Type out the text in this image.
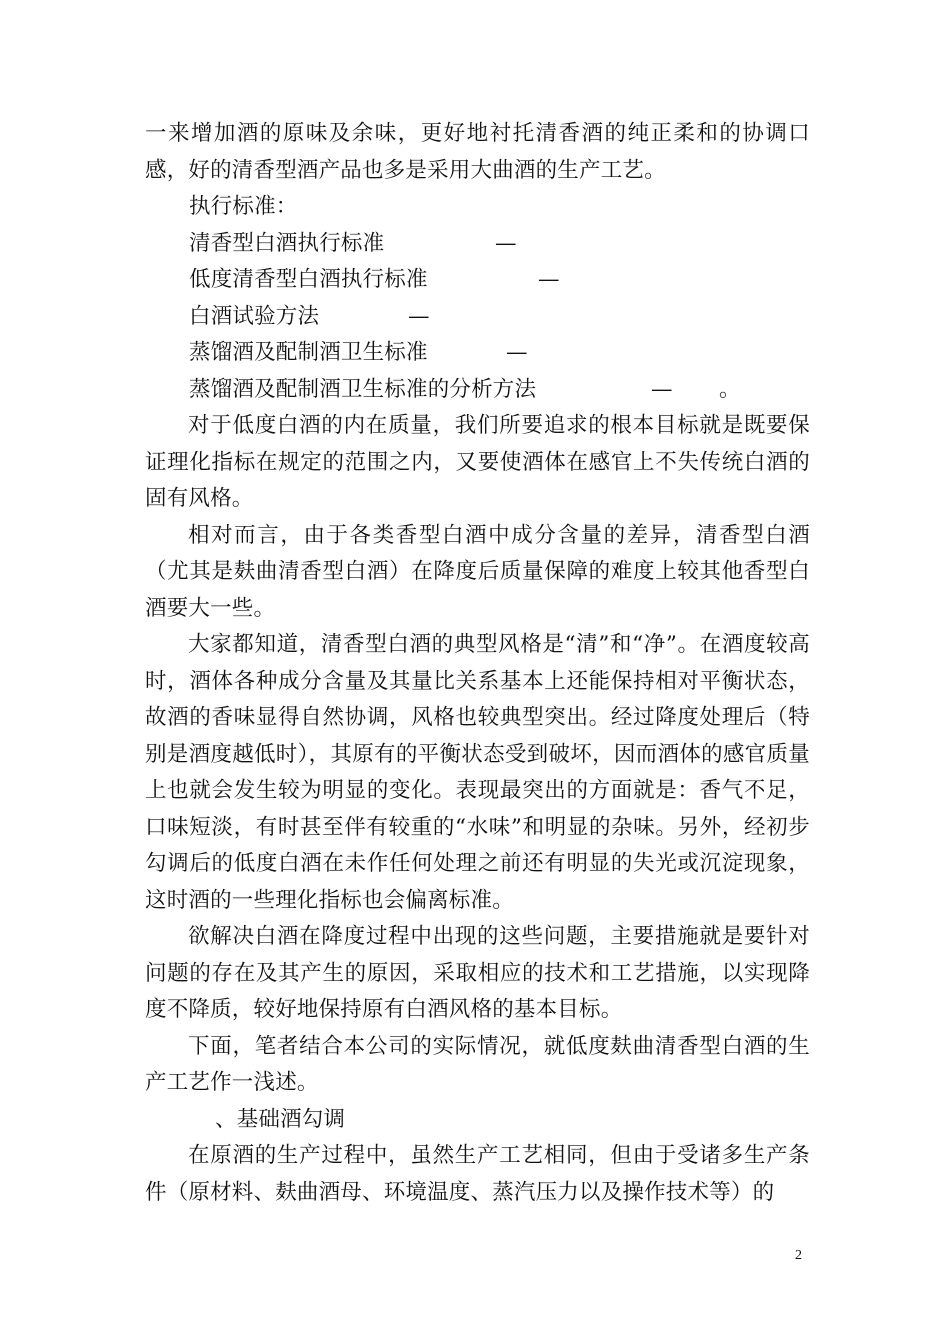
一来增加酒的原味及余味，更好地衬托清香酒的纯正柔和的协调口感，好的清香型酒产品也多是采用大曲酒的生产工艺。

执行标准：

清香型白酒执行标准	—
低度清香型白酒执行标准	—
白酒试验方法	—
蒸馏酒及配制酒卫生标准	—
蒸馏酒及配制酒卫生标准的分析方法	— 。

对于低度白酒的内在质量，我们所要追求的根本目标就是既要保证理化指标在规定的范围之内，又要使酒体在感官上不失传统白酒的固有风格。

相对而言，由于各类香型白酒中成分含量的差异，清香型白酒（尤其是麸曲清香型白酒）在降度后质量保障的难度上较其他香型白酒要大一些。

大家都知道，清香型白酒的典型风格是“清”和“净”。在酒度较高时，酒体各种成分含量及其量比关系基本上还能保持相对平衡状态，故酒的香味显得自然协调，风格也较典型突出。经过降度处理后（特别是酒度越低时），其原有的平衡状态受到破坏，因而酒体的感官质量上也就会发生较为明显的变化。表现最突出的方面就是：香气不足，口味短淡，有时甚至伴有较重的“水味”和明显的杂味。另外，经初步勾调后的低度白酒在未作任何处理之前还有明显的失光或沉淀现象，这时酒的一些理化指标也会偏离标准。

欲解决白酒在降度过程中出现的这些问题，主要措施就是要针对问题的存在及其产生的原因，采取相应的技术和工艺措施，以实现降度不降质，较好地保持原有白酒风格的基本目标。

下面，笔者结合本公司的实际情况，就低度麸曲清香型白酒的生产工艺作一浅述。

、基础酒勾调

在原酒的生产过程中，虽然生产工艺相同，但由于受诸多生产条件（原材料、麸曲酒母、环境温度、蒸汽压力以及操作技术等）的

2
